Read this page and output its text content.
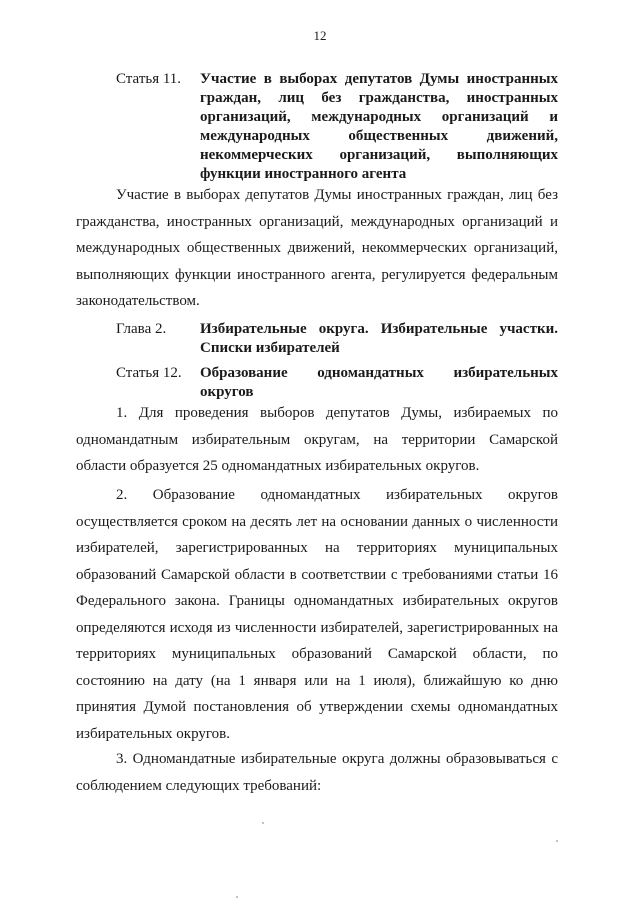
12
Статья 11.	Участие в выборах депутатов Думы иностранных граждан, лиц без гражданства, иностранных организаций, международных организаций и международных общественных движений, некоммерческих организаций, выполняющих функции иностранного агента

Участие в выборах депутатов Думы иностранных граждан, лиц без гражданства, иностранных организаций, международных организаций и международных общественных движений, некоммерческих организаций, выполняющих функции иностранного агента, регулируется федеральным законодательством.

Глава 2.	Избирательные округа. Избирательные участки. Списки избирателей
Статья 12.	Образование одномандатных избирательных округов

1. Для проведения выборов депутатов Думы, избираемых по одномандатным избирательным округам, на территории Самарской области образуется 25 одномандатных избирательных округов.

2. Образование одномандатных избирательных округов осуществляется сроком на десять лет на основании данных о численности избирателей, зарегистрированных на территориях муниципальных образований Самарской области в соответствии с требованиями статьи 16 Федерального закона. Границы одномандатных избирательных округов определяются исходя из численности избирателей, зарегистрированных на территориях муниципальных образований Самарской области, по состоянию на дату (на 1 января или на 1 июля), ближайшую ко дню принятия Думой постановления об утверждении схемы одномандатных избирательных округов.

3. Одномандатные избирательные округа должны образовываться с соблюдением следующих требований:
